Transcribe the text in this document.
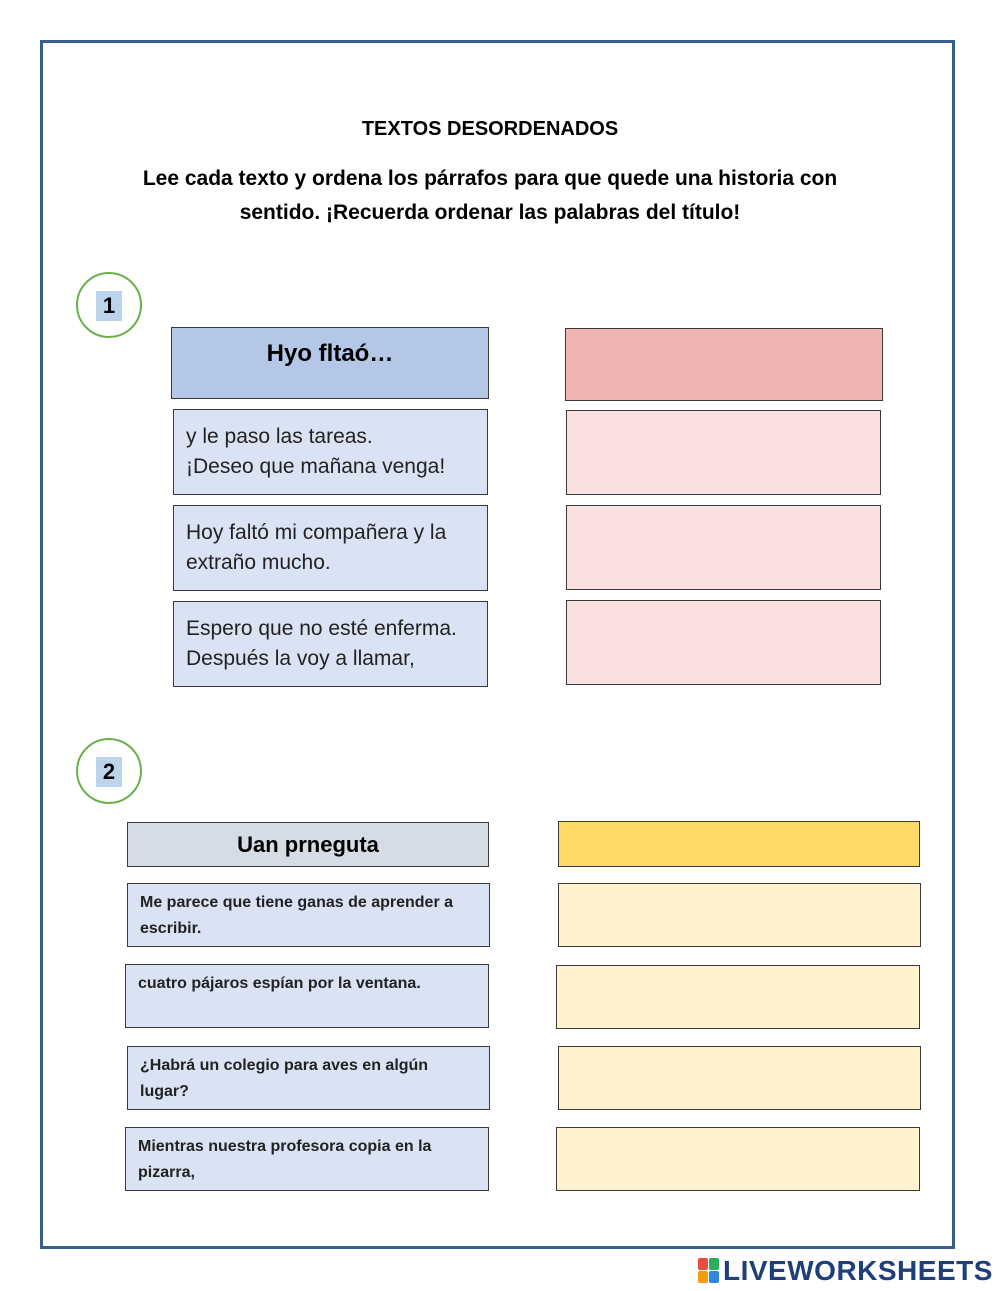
TEXTOS DESORDENADOS
Lee cada texto y ordena los párrafos para que quede una historia con sentido. ¡Recuerda ordenar las palabras del título!
1
Hyo fltaó…
y le paso las tareas.
¡Deseo que mañana venga!
Hoy faltó mi compañera y la extraño mucho.
Espero que no esté enferma. Después la voy a llamar,
2
Uan prneguta
Me parece que tiene ganas de aprender a escribir.
cuatro pájaros espían por la ventana.
¿Habrá un colegio para aves en algún lugar?
Mientras nuestra profesora copia en la pizarra,
LIVEWORKSHEETS
